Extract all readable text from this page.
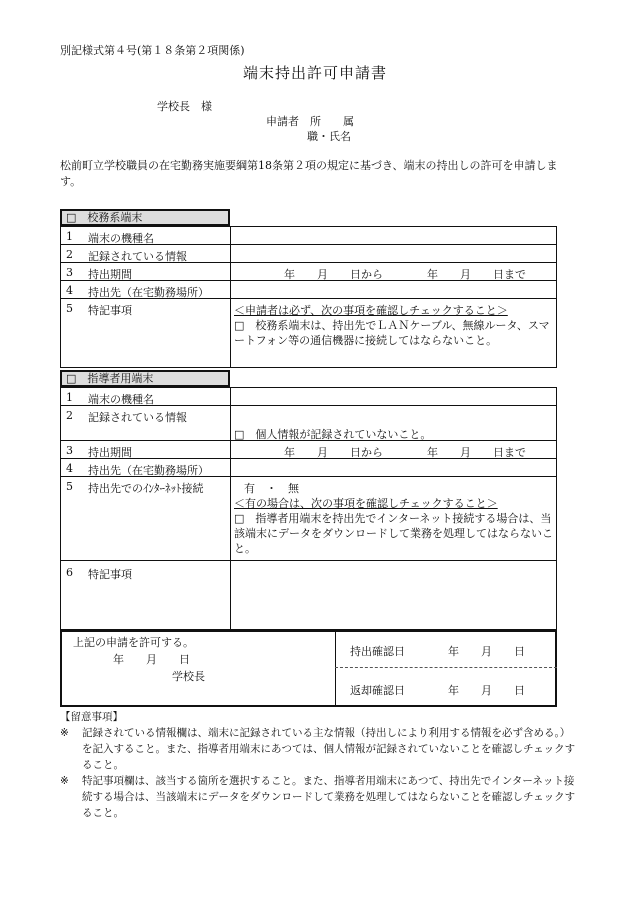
別記様式第４号(第１８条第２項関係)
端末持出許可申請書
学校長　様
申請者　所　　属
職・氏名
松前町立学校職員の在宅勤務実施要綱第18条第２項の規定に基づき、端末の持出しの許可を申請します。
□　校務系端末
1 端末の機種名
2 記録されている情報
3 持出期間	年　　月　　日から　　　　年　　月　　日まで
4 持出先（在宅勤務場所）
5 特記事項	＜申請者は必ず、次の事項を確認しチェックすること＞
□　校務系端末は、持出先でＬＡＮケーブル、無線ルータ、スマートフォン等の通信機器に接続してはならないこと。
□　指導者用端末
1 端末の機種名
2 記録されている情報
□　個人情報が記録されていないこと。
3 持出期間	年　　月　　日から　　　　年　　月　　日まで
4 持出先（在宅勤務場所）
5 持出先でのｲﾝﾀｰﾈｯﾄ接続	有　・　無
＜有の場合は、次の事項を確認しチェックすること＞
□　指導者用端末を持出先でインターネット接続する場合は、当該端末にデータをダウンロードして業務を処理してはならないこと。
6 特記事項
上記の申請を許可する。
年　　月　　日
学校長
持出確認日	年　　月　　日
返却確認日	年　　月　　日
【留意事項】
※ 記録されている情報欄は、端末に記録されている主な情報（持出しにより利用する情報を必ず含める。）を記入すること。また、指導者用端末にあつては、個人情報が記録されていないことを確認しチェックすること。
※ 特記事項欄は、該当する箇所を選択すること。また、指導者用端末にあつて、持出先でインターネット接続する場合は、当該端末にデータをダウンロードして業務を処理してはならないことを確認しチェックすること。
